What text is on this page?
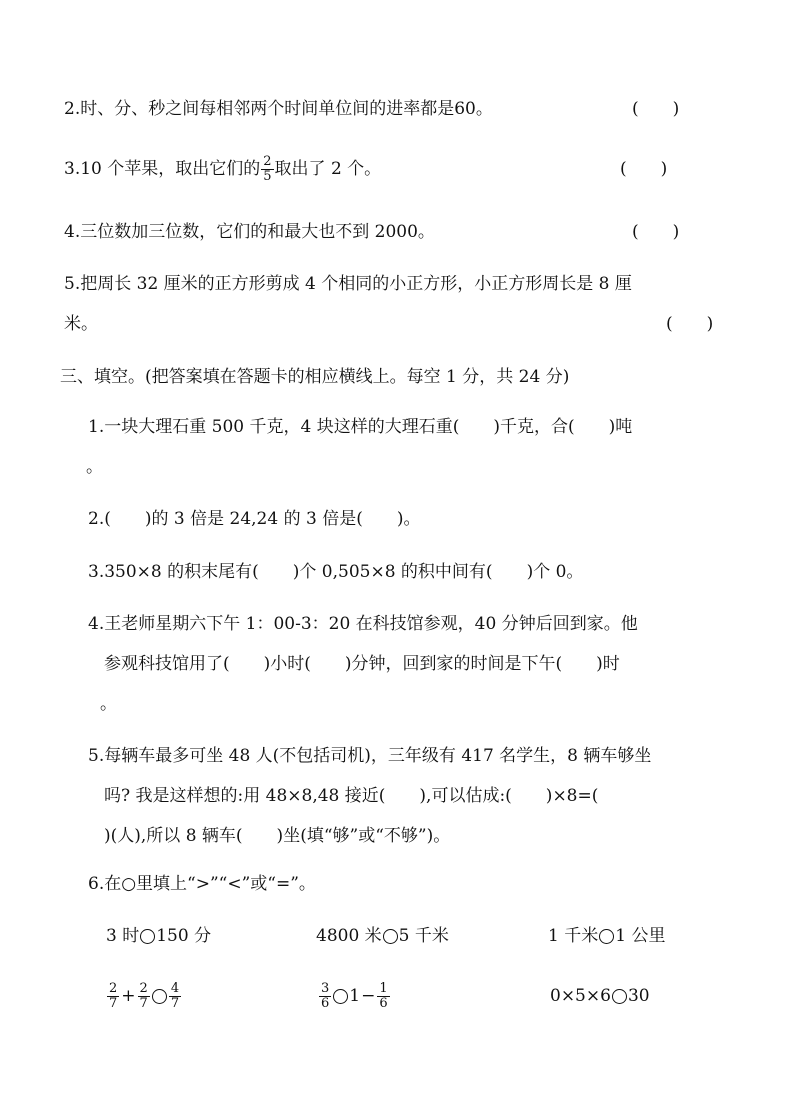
2.时、分、秒之间每相邻两个时间单位间的进率都是60。	(　　)
3.10 个苹果，取出它们的 $\frac{2}{5}$ 取出了 2 个。	(　　)
4.三位数加三位数，它们的和最大也不到 2000。	(　　)
5.把周长 32 厘米的正方形剪成 4 个相同的小正方形，小正方形周长是 8 厘
米。	(　　)
三、填空。(把答案填在答题卡的相应横线上。每空 1 分，共 24 分)
1.一块大理石重 500 千克，4 块这样的大理石重(　　)千克，合(　　)吨
。
2.(　　)的 3 倍是 24,24 的 3 倍是(　　)。
3.350×8 的积末尾有(　　)个 0,505×8 的积中间有(　　)个 0。
4.王老师星期六下午 1：00-3：20 在科技馆参观，40 分钟后回到家。他
参观科技馆用了(　　)小时(　　)分钟，回到家的时间是下午(　　)时
。
5.每辆车最多可坐 48 人(不包括司机)，三年级有 417 名学生，8 辆车够坐
吗? 我是这样想的:用 48×8,48 接近(　　),可以估成:(　　)×8=(
)(人),所以 8 辆车(　　)坐(填“够”或“不够”)。
6.在○里填上“>”“<”或“=”。
3 时 150 分	4800 米 5 千米	1 千米 1 公里
$\frac{2}{7} + \frac{2}{7} \frac{4}{7}$	$\frac{3}{6} 1 - \frac{1}{6}$	0×5×6 30
